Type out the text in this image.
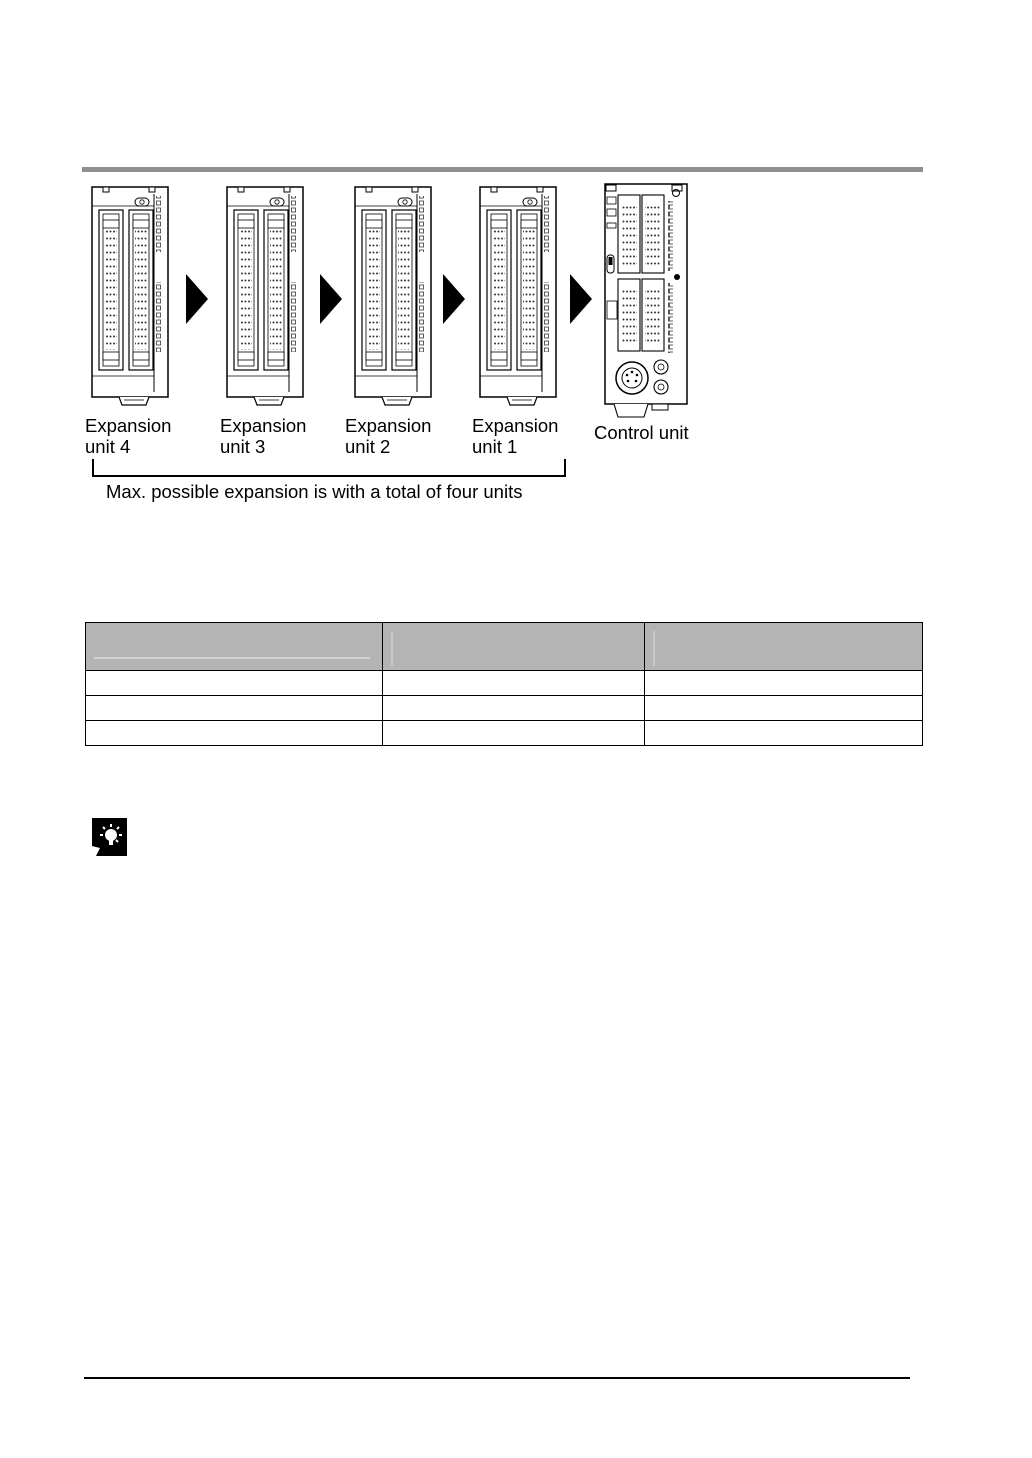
Expansion
unit 4
Expansion
unit 3
Expansion
unit 2
Expansion
unit 1
Control unit
Max. possible expansion is with a total of four units
